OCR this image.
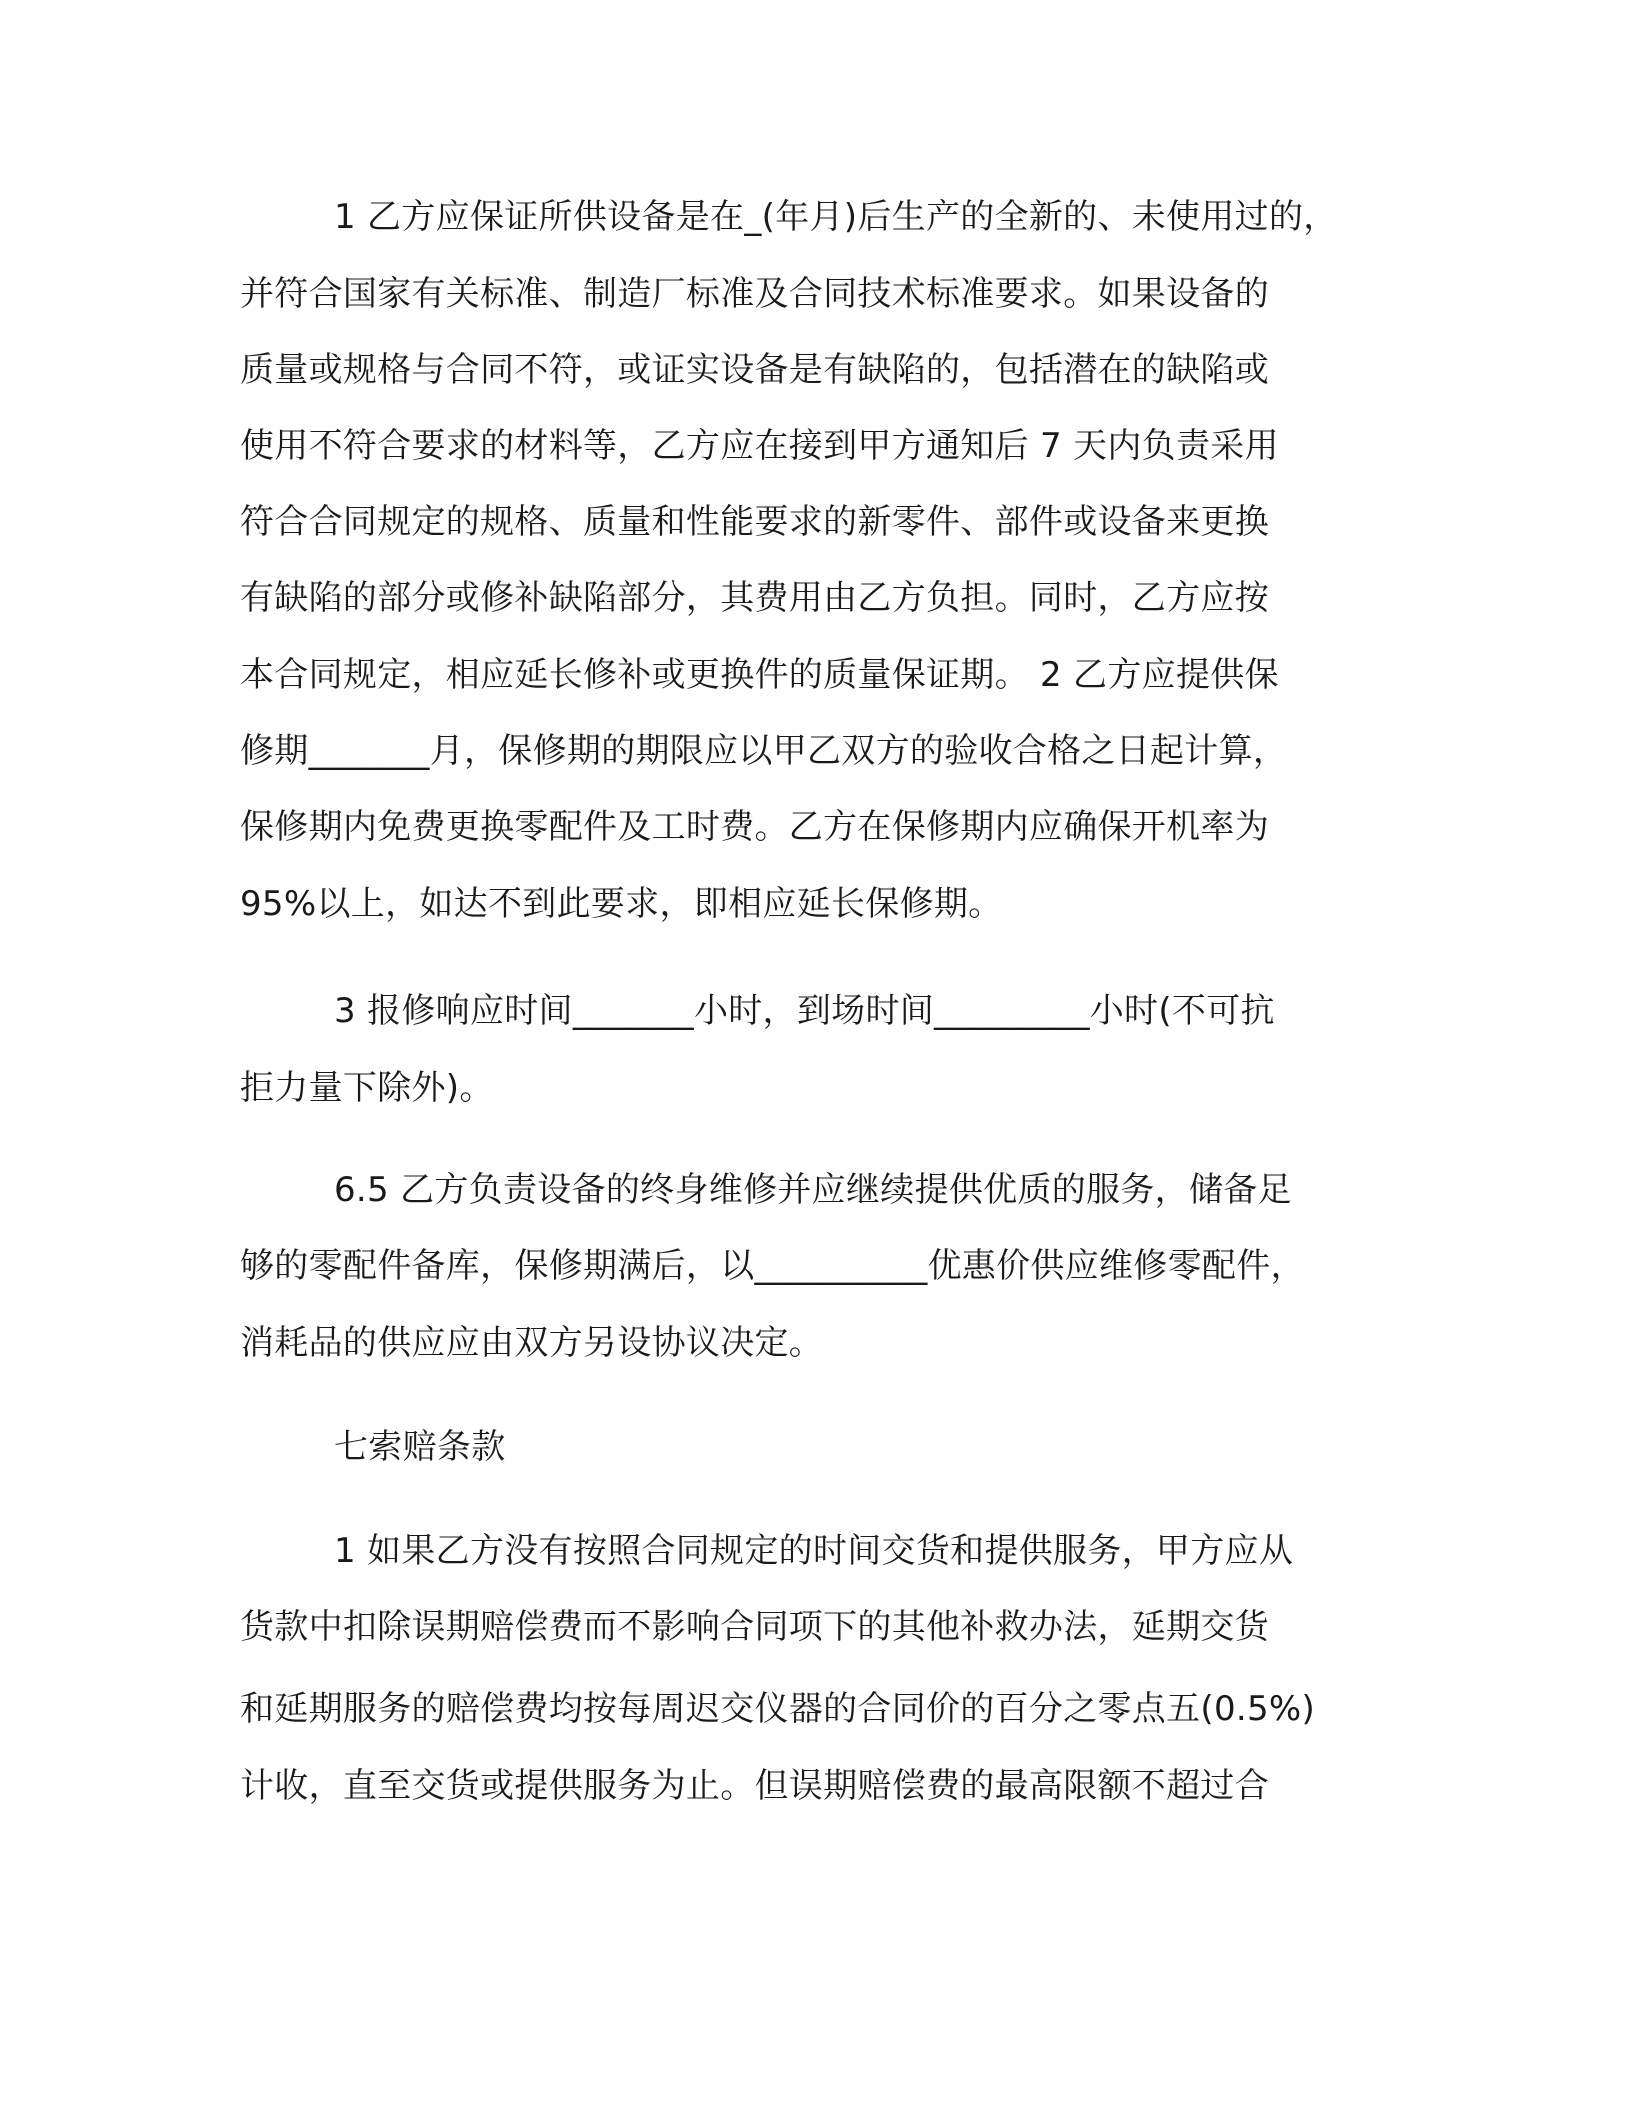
1 乙方应保证所供设备是在_(年月)后生产的全新的、未使用过的，
并符合国家有关标准、制造厂标准及合同技术标准要求。如果设备的
质量或规格与合同不符，或证实设备是有缺陷的，包括潜在的缺陷或
使用不符合要求的材料等，乙方应在接到甲方通知后 7 天内负责采用
符合合同规定的规格、质量和性能要求的新零件、部件或设备来更换
有缺陷的部分或修补缺陷部分，其费用由乙方负担。同时，乙方应按
本合同规定，相应延长修补或更换件的质量保证期。 2 乙方应提供保
修期_______月，保修期的期限应以甲乙双方的验收合格之日起计算，
保修期内免费更换零配件及工时费。乙方在保修期内应确保开机率为
95%以上，如达不到此要求，即相应延长保修期。
3 报修响应时间_______小时，到场时间_________小时(不可抗
拒力量下除外)。
6.5 乙方负责设备的终身维修并应继续提供优质的服务，储备足
够的零配件备库，保修期满后，以__________优惠价供应维修零配件，
消耗品的供应应由双方另设协议决定。
七索赔条款
1 如果乙方没有按照合同规定的时间交货和提供服务，甲方应从
货款中扣除误期赔偿费而不影响合同项下的其他补救办法，延期交货
和延期服务的赔偿费均按每周迟交仪器的合同价的百分之零点五(0.5%)
计收，直至交货或提供服务为止。但误期赔偿费的最高限额不超过合
